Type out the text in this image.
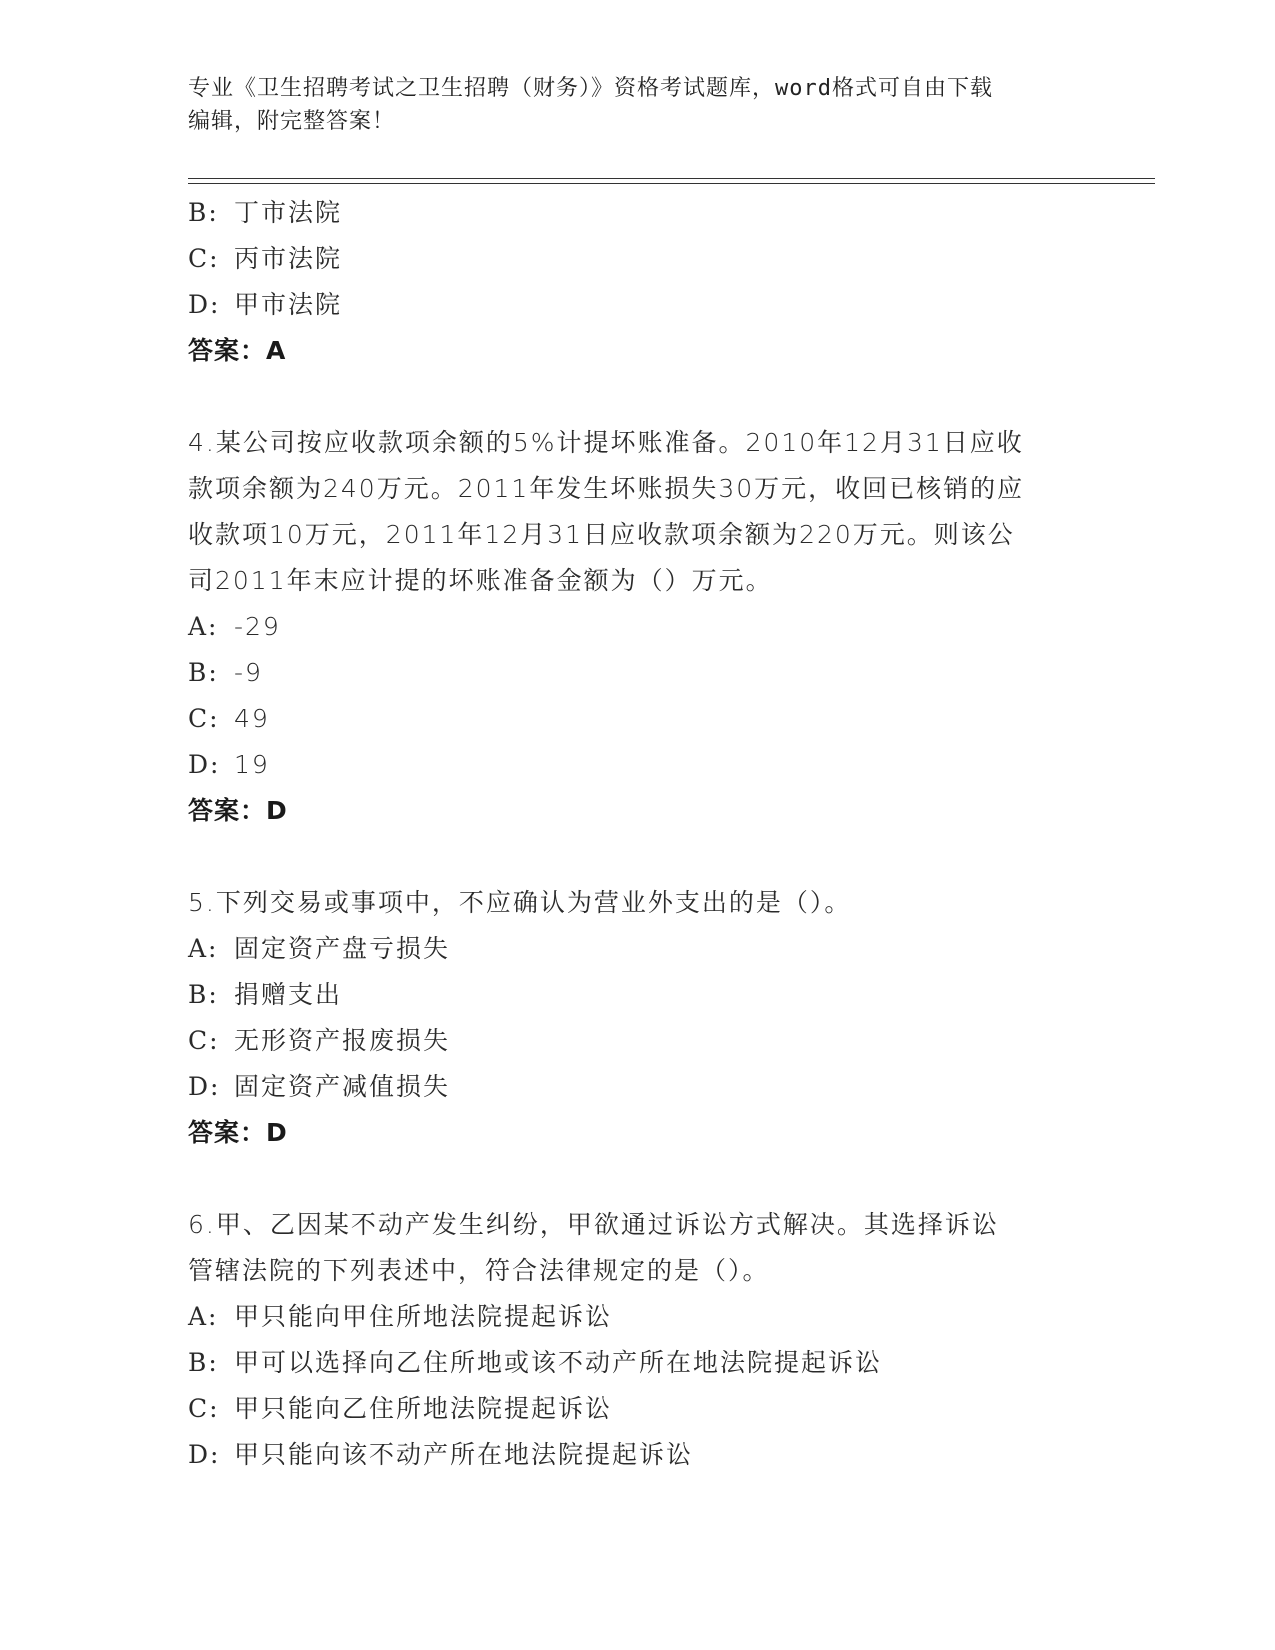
专业《卫生招聘考试之卫生招聘（财务）》资格考试题库，word格式可自由下载
编辑，附完整答案！
B: 丁市法院
C: 丙市法院
D: 甲市法院
答案：A
4.某公司按应收款项余额的5%计提坏账准备。2010年12月31日应收
款项余额为240万元。2011年发生坏账损失30万元，收回已核销的应
收款项10万元，2011年12月31日应收款项余额为220万元。则该公
司2011年末应计提的坏账准备金额为（）万元。
A: -29
B: -9
C: 49
D: 19
答案：D
5.下列交易或事项中，不应确认为营业外支出的是（）。
A: 固定资产盘亏损失
B: 捐赠支出
C: 无形资产报废损失
D: 固定资产减值损失
答案：D
6.甲、乙因某不动产发生纠纷，甲欲通过诉讼方式解决。其选择诉讼
管辖法院的下列表述中，符合法律规定的是（）。
A: 甲只能向甲住所地法院提起诉讼
B: 甲可以选择向乙住所地或该不动产所在地法院提起诉讼
C: 甲只能向乙住所地法院提起诉讼
D: 甲只能向该不动产所在地法院提起诉讼
